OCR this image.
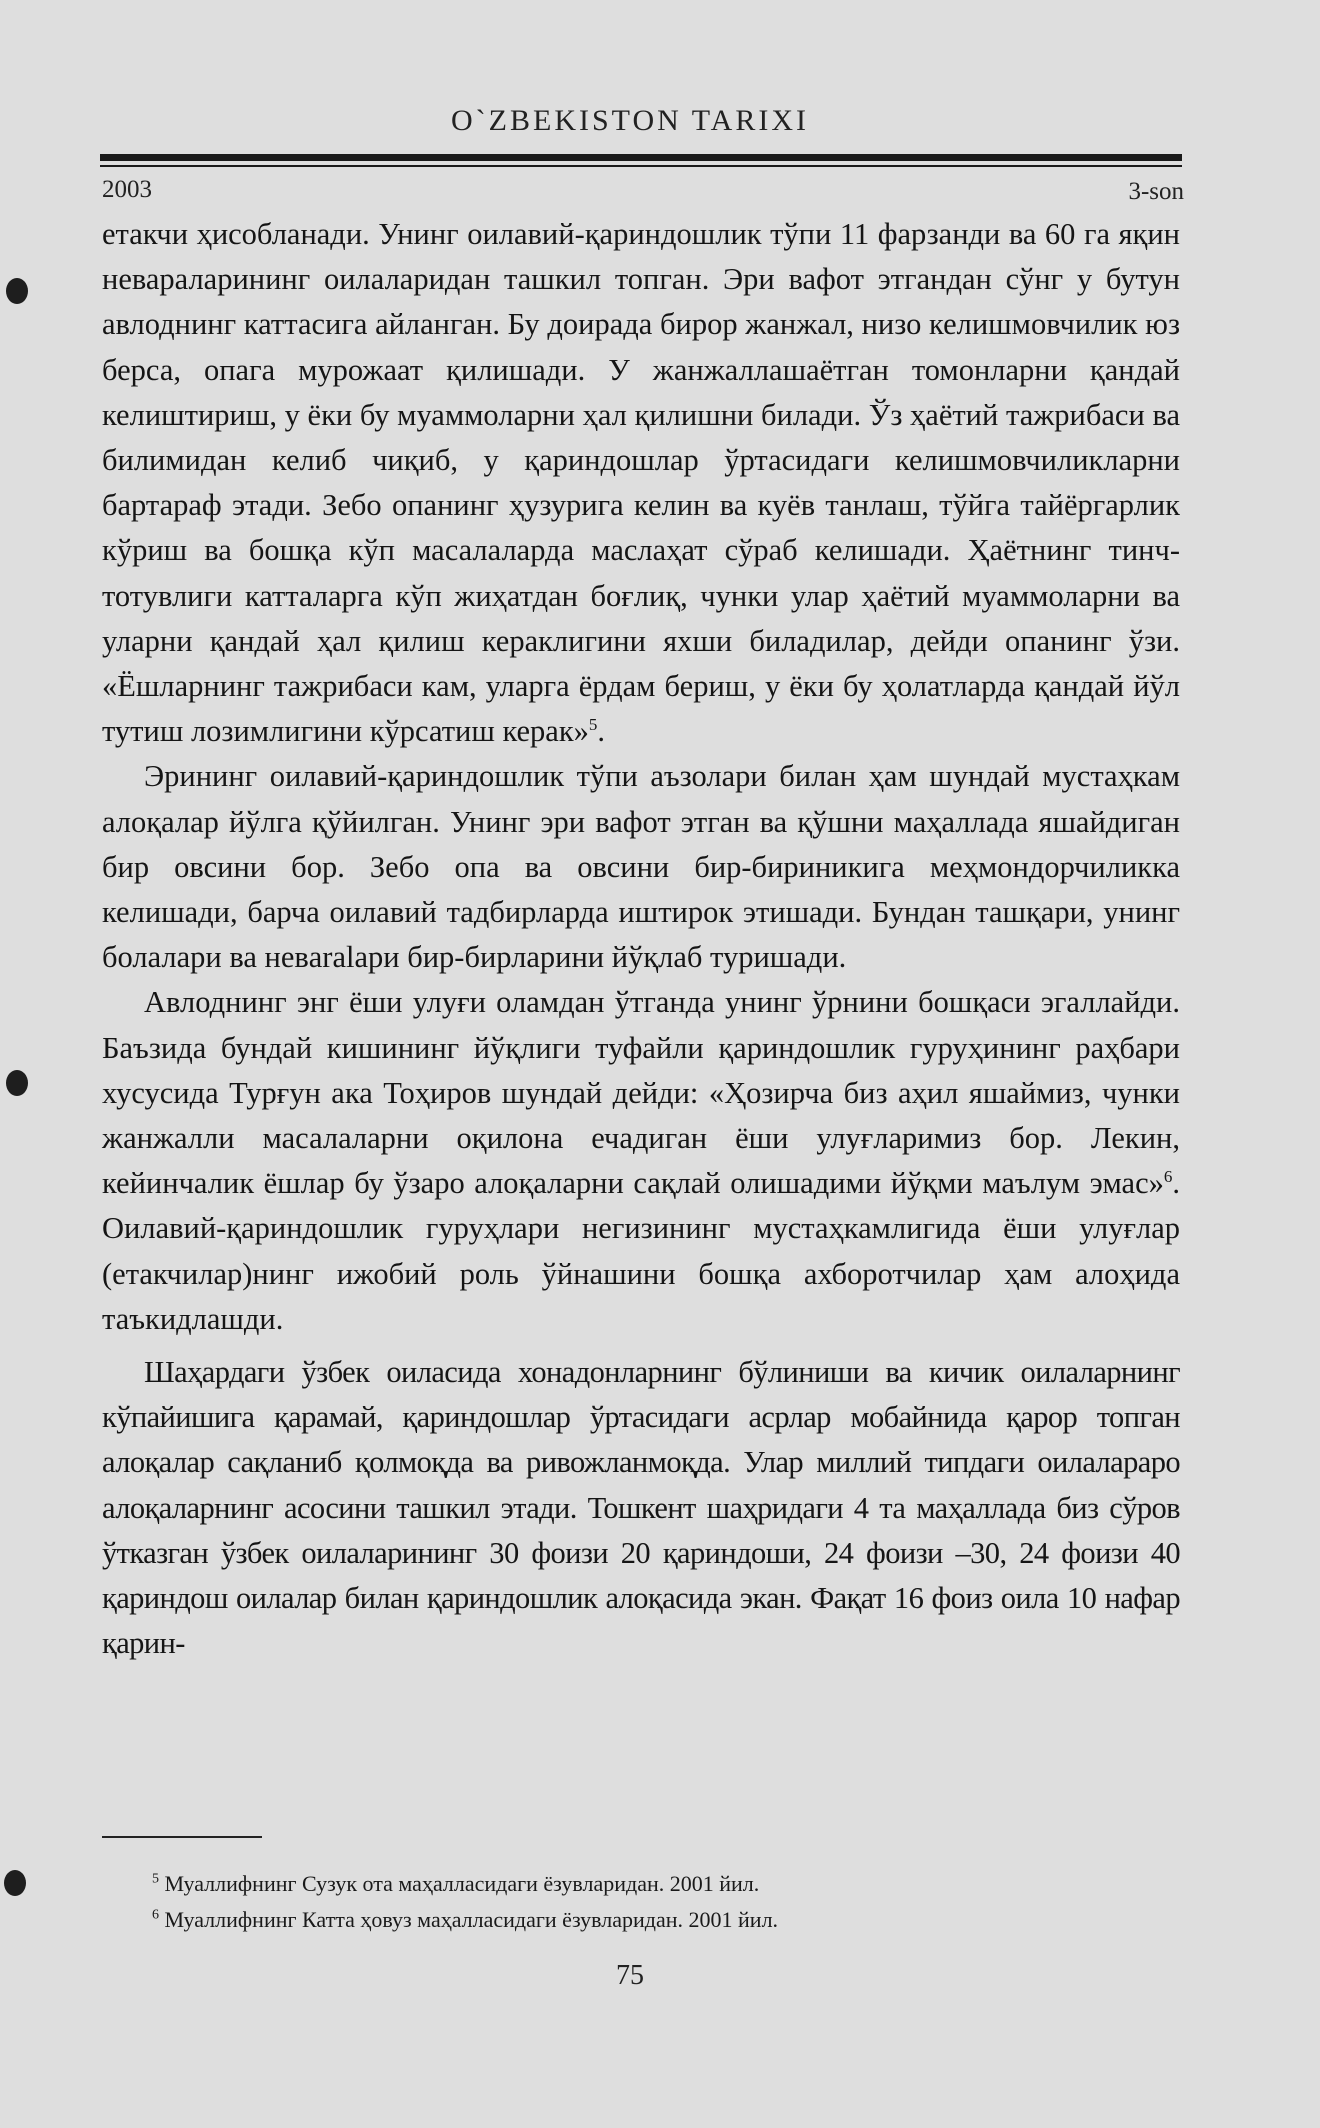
O`ZBEKISTON TARIXI
2003	3-son

етакчи ҳисобланади. Унинг оилавий-қариндошлик тўпи 11 фарзанди ва 60 га яқин невараларининг оилаларидан ташкил топган. Эри вафот этгандан сўнг у бутун авлоднинг каттасига айланган. Бу доирада бирор жанжал, низо келишмовчилик юз берса, опага мурожаат қилишади. У жанжаллашаётган томонларни қандай келиштириш, у ёки бу муаммоларни ҳал қилишни билади. Ўз ҳаётий тажрибаси ва билимидан келиб чиқиб, у қариндошлар ўртасидаги келишмовчиликларни бартараф этади. Зебо опанинг ҳузурига келин ва куёв танлаш, тўйга тайёргарлик кўриш ва бошқа кўп масалаларда маслаҳат сўраб келишади. Ҳаётнинг тинч-тотувлиги катталарга кўп жиҳатдан боғлиқ, чунки улар ҳаётий муаммоларни ва уларни қандай ҳал қилиш кераклигини яхши биладилар, дейди опанинг ўзи. «Ёшларнинг тажрибаси кам, уларга ёрдам бериш, у ёки бу ҳолатларда қандай йўл тутиш лозимлигини кўрсатиш керак»$^5$.

Эрининг оилавий-қариндошлик тўпи аъзолари билан ҳам шундай мустаҳкам алоқалар йўлга қўйилган. Унинг эри вафот этган ва қўшни маҳаллада яшайдиган бир овсини бор. Зебо опа ва овсини бир-бириникига меҳмондорчиликка келишади, барча оилавий тадбирларда иштирок этишади. Бундан ташқари, унинг болалари ва невaralари бир-бирларини йўқлаб туришади.

Авлоднинг энг ёши улуғи оламдан ўтганда унинг ўрнини бошқаси эгаллайди. Баъзида бундай кишининг йўқлиги туфайли қариндошлик гуруҳининг раҳбари хусусида Турғун ака Тоҳиров шундай дейди: «Ҳозирча биз аҳил яшаймиз, чунки жанжалли масалаларни оқилона ечадиган ёши улуғларимиз бор. Лекин, кейинчалик ёшлар бу ўзаро алоқаларни сақлай олишадими йўқми маълум эмас»$^6$. Оилавий-қариндошлик гуруҳлари негизининг мустаҳкамлигида ёши улуғлар (етакчилар)нинг ижобий роль ўйнашини бошқа ахборотчилар ҳам алоҳида таъкидлашди.

Шаҳардаги ўзбек оиласида хонадонларнинг бўлиниши ва кичик оилаларнинг кўпайишига қарамай, қариндошлар ўртасидаги асрлар мобайнида қарор топган алоқалар сақланиб қолмоқда ва ривожланмоқда. Улар миллий типдаги оилалараро алоқаларнинг асосини ташкил этади. Тошкент шаҳридаги 4 та маҳаллада биз сўров ўтказган ўзбек оилаларининг 30 фоизи 20 қариндоши, 24 фоизи –30, 24 фоизи 40 қариндош оилалар билан қариндошлик алоқасида экан. Фақат 16 фоиз оила 10 нафар қарин-

$^5$ Муаллифнинг Сузук ота маҳалласидаги ёзувларидан. 2001 йил.
$^6$ Муаллифнинг Катта ҳовуз маҳалласидаги ёзувларидан. 2001 йил.
75
